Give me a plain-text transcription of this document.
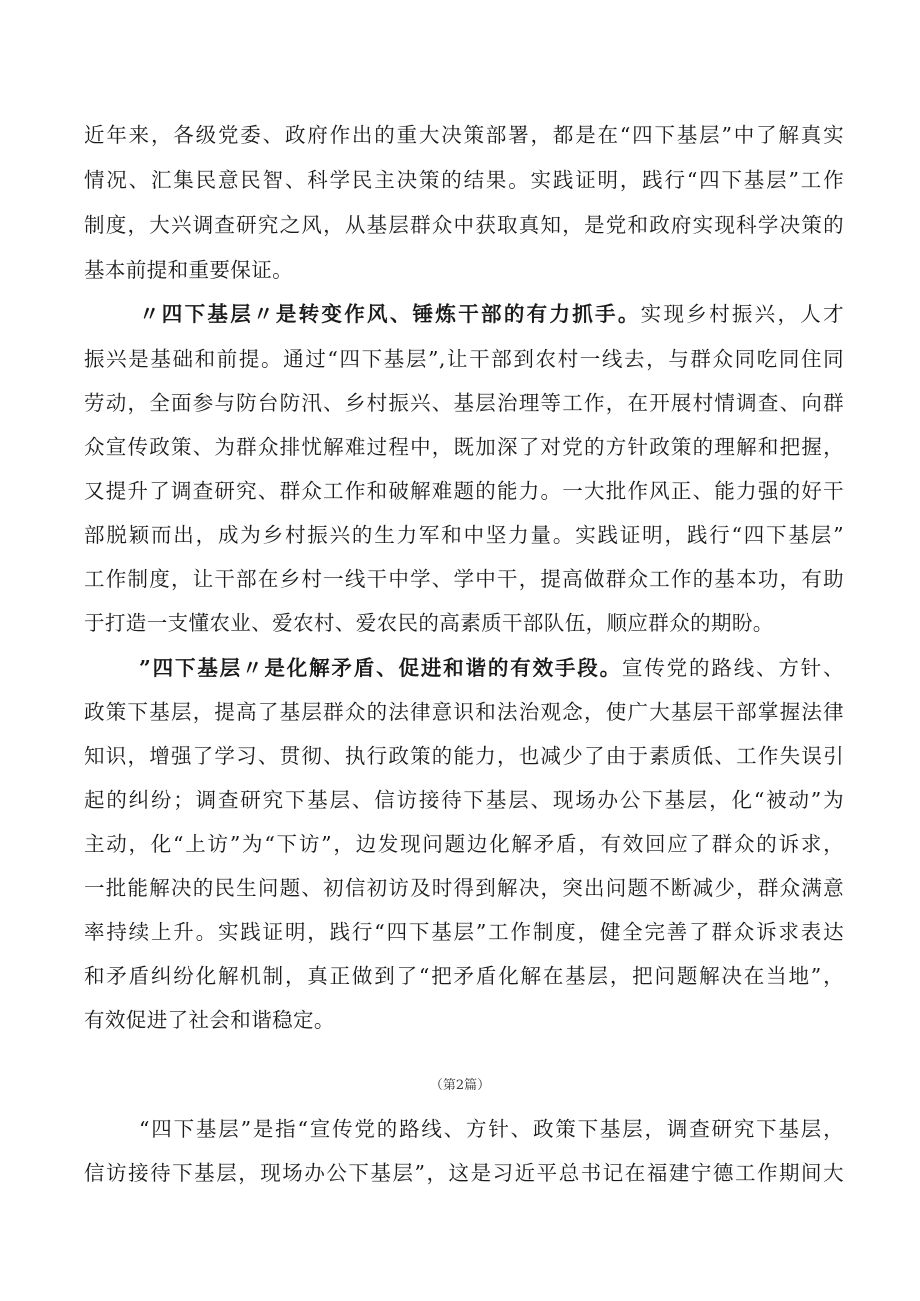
近年来，各级党委、政府作出的重大决策部署，都是在“四下基层”中了解真实
情况、汇集民意民智、科学民主决策的结果。实践证明，践行“四下基层”工作
制度，大兴调查研究之风，从基层群众中获取真知，是党和政府实现科学决策的
基本前提和重要保证。
〃四下基层〃是转变作风、锤炼干部的有力抓手。实现乡村振兴，人才
振兴是基础和前提。通过“四下基层”,让干部到农村一线去，与群众同吃同住同
劳动，全面参与防台防汛、乡村振兴、基层治理等工作，在开展村情调查、向群
众宣传政策、为群众排忧解难过程中，既加深了对党的方针政策的理解和把握，
又提升了调查研究、群众工作和破解难题的能力。一大批作风正、能力强的好干
部脱颖而出，成为乡村振兴的生力军和中坚力量。实践证明，践行“四下基层”
工作制度，让干部在乡村一线干中学、学中干，提高做群众工作的基本功，有助
于打造一支懂农业、爱农村、爱农民的高素质干部队伍，顺应群众的期盼。
”四下基层〃是化解矛盾、促进和谐的有效手段。宣传党的路线、方针、
政策下基层，提高了基层群众的法律意识和法治观念，使广大基层干部掌握法律
知识，增强了学习、贯彻、执行政策的能力，也减少了由于素质低、工作失误引
起的纠纷；调查研究下基层、信访接待下基层、现场办公下基层，化“被动”为
主动，化“上访”为“下访”，边发现问题边化解矛盾，有效回应了群众的诉求，
一批能解决的民生问题、初信初访及时得到解决，突出问题不断减少，群众满意
率持续上升。实践证明，践行“四下基层”工作制度，健全完善了群众诉求表达
和矛盾纠纷化解机制，真正做到了“把矛盾化解在基层，把问题解决在当地”，
有效促进了社会和谐稳定。
（第2篇）
“四下基层”是指“宣传党的路线、方针、政策下基层，调查研究下基层，
信访接待下基层，现场办公下基层”，这是习近平总书记在福建宁德工作期间大
